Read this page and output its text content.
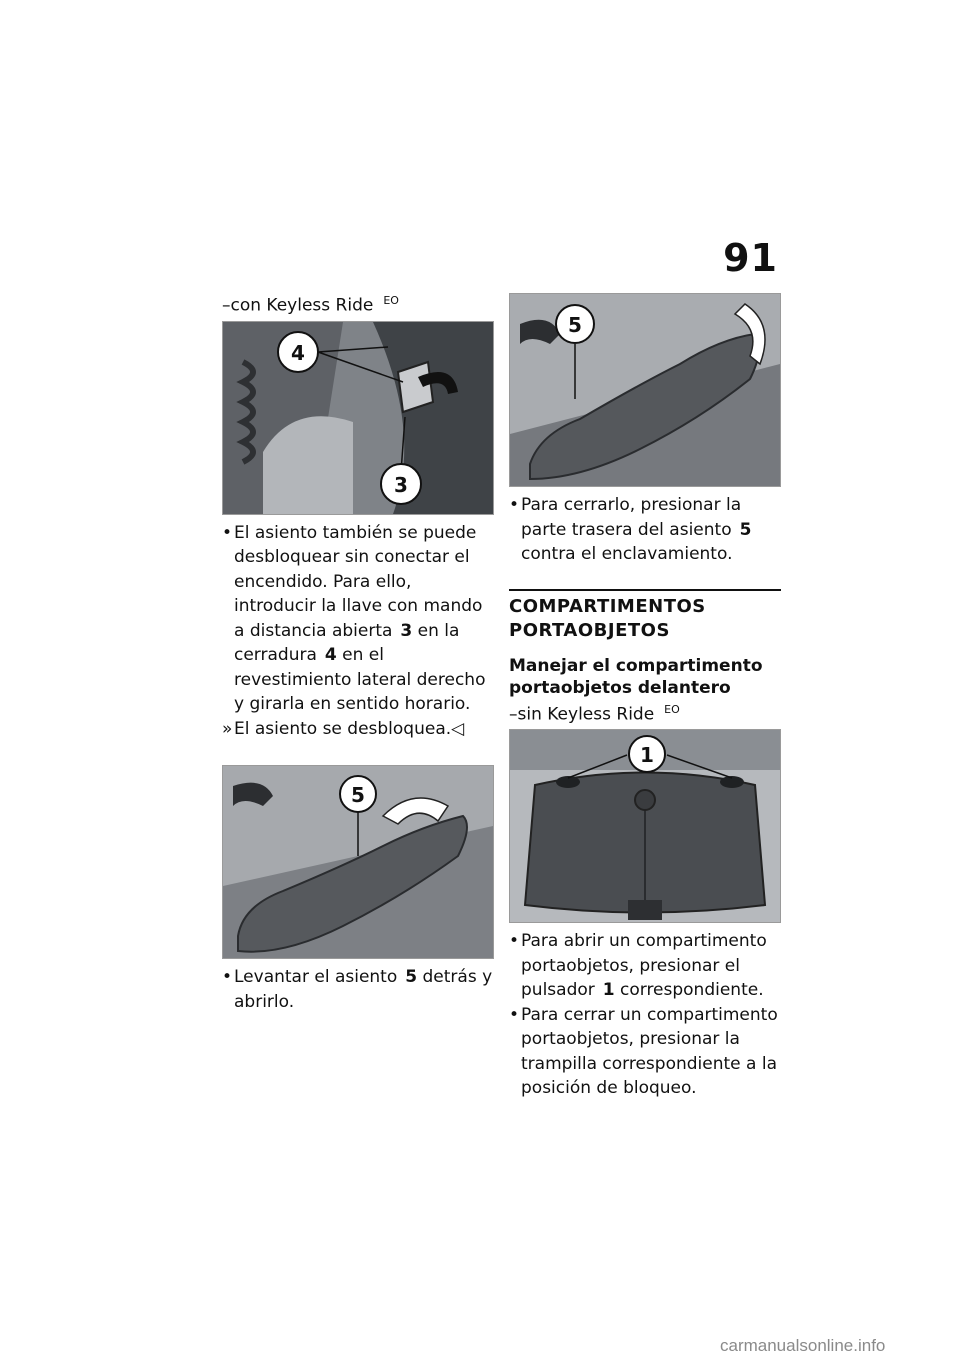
91
–con Keyless Ride $^{EO}$
4
3
• El asiento también se puede desbloquear sin conectar el encendido. Para ello, introducir la llave con mando a distancia abierta 3 en la cerradura 4 en el revestimiento lateral derecho y girarla en sentido horario.
» El asiento se desbloquea.◁
5
• Levantar el asiento 5 detrás y abrirlo.
5
• Para cerrarlo, presionar la parte trasera del asiento 5 contra el enclavamiento.
COMPARTIMENTOS PORTAOBJETOS
Manejar el compartimento portaobjetos delantero
–sin Keyless Ride $^{EO}$
1
• Para abrir un compartimento portaobjetos, presionar el pulsador 1 correspondiente.
• Para cerrar un compartimento portaobjetos, presionar la trampilla correspondiente a la posición de bloqueo.
carmanualsonline.info
